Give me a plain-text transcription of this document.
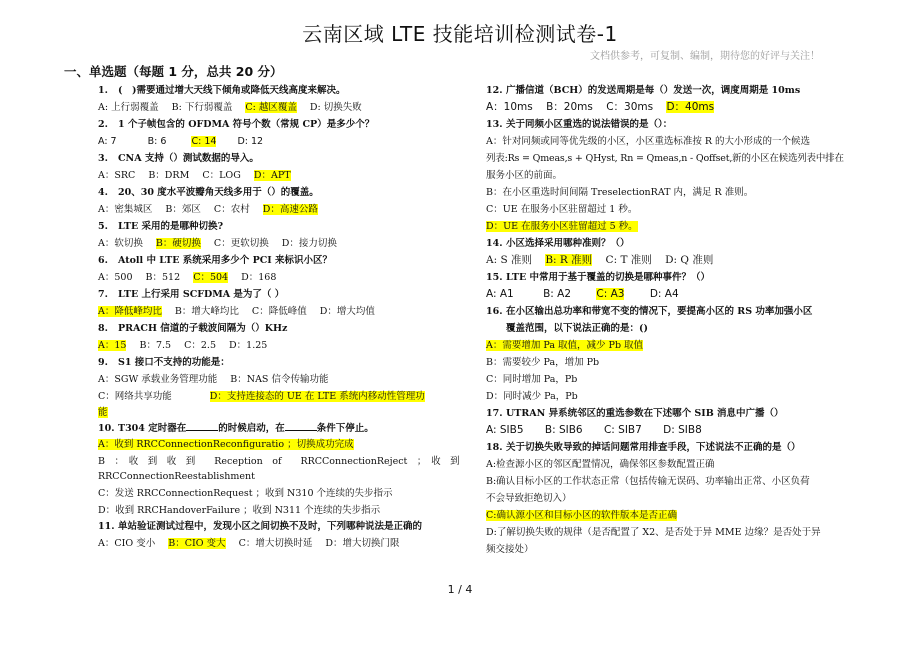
云南区域 LTE 技能培训检测试卷-1
文档供参考，可复制、编制，期待您的好评与关注！
一、单选题（每题 1 分，总共 20 分）
1. (　)需要通过增大天线下倾角或降低天线高度来解决。
A: 上行弱覆盖 B: 下行弱覆盖 C: 越区覆盖 D: 切换失败
2. 1 个子帧包含的 OFDMA 符号个数（常规 CP）是多少个？
A: 7	B: 6	C: 14 D: 12
3. CNA 支持（）测试数据的导入。
A：SRC B：DRM C：LOG D：APT
4. 20、30 度水平波瓣角天线多用于（）的覆盖。
A：密集城区 B：郊区 C：农村 D：高速公路
5. LTE 采用的是哪种切换?
A：软切换 B：硬切换 C：更软切换 D：接力切换
6. Atoll 中 LTE 系统采用多少个 PCI 来标识小区？
A：500 B：512 C：504 D：168
7. LTE 上行采用 SCFDMA 是为了（ ）
A：降低峰均比 B：增大峰均比 C：降低峰值 D：增大均值
8. PRACH 信道的子载波间隔为（）KHz
A：15 B：7.5 C：2.5 D：1.25
9. S1 接口不支持的功能是：
A：SGW 承载业务管理功能 B：NAS 信令传输功能
C：网络共享功能	D：支持连接态的 UE 在 LTE 系统内移动性管理功
能
10. T304 定时器在	的时候启动，在	条件下停止。
A：收到 RRCConnectionReconfiguratio ；切换成功完成
B　：　收　到　收　到　　Reception　of　　RRCConnectionReject　；　收　到
RRCConnectionReestablishment
C：发送 RRCConnectionRequest ；收到 N310 个连续的失步指示
D：收到 RRCHandoverFailure ；收到 N311 个连续的失步指示
11. 单站验证测试过程中，发现小区之间切换不及时，下列哪种说法是正确的
A：CIO 变小 B：CIO 变大 C：增大切换时延 D：增大切换门限
12. 广播信道（BCH）的发送周期是每（）发送一次，调度周期是 10ms
A：10ms B：20ms C：30ms D：40ms
13. 关于同频小区重选的说法错误的是（）：
A：针对同频或同等优先级的小区，小区重选标准按 R 的大小形成的一个候选
列表:Rs = Qmeas,s + QHyst, Rn = Qmeas,n - Qoffset,新的小区在候选列表中排在
服务小区的前面。
B：在小区重选时间间隔 TreselectionRAT 内，满足 R 准则。
C：UE 在服务小区驻留超过 1 秒。
D：UE 在服务小区驻留超过 5 秒。
14. 小区选择采用哪种准则？（）
A: S 准则 B: R 准则 C: T 准则 D: Q 准则
15. LTE 中常用于基于覆盖的切换是哪种事件？（）
A: A1	B: A2 C: A3 D: A4
16. 在小区输出总功率和带宽不变的情况下，要提高小区的 RS 功率加强小区
覆盖范围，以下说法正确的是：()
A：需要增加 Pa 取值，减少 Pb 取值
B：需要较少 Pa，增加 Pb
C：同时增加 Pa，Pb
D：同时减少 Pa，Pb
17. UTRAN 异系统邻区的重选参数在下述哪个 SIB 消息中广播（）
A: SIB5 B: SIB6 C: SIB7 D: SIB8
18. 关于切换失败导致的掉话问题常用排查手段，下述说法不正确的是（）
A:检查源小区的邻区配置情况，确保邻区参数配置正确
B:确认目标小区的工作状态正常（包括传输无误码、功率输出正常、小区负荷
不会导致拒绝切入）
C:确认源小区和目标小区的软件版本是否正确
D:了解切换失败的规律（是否配置了 X2、是否处于异 MME 边缘？是否处于异
频交接处）
1 / 4
